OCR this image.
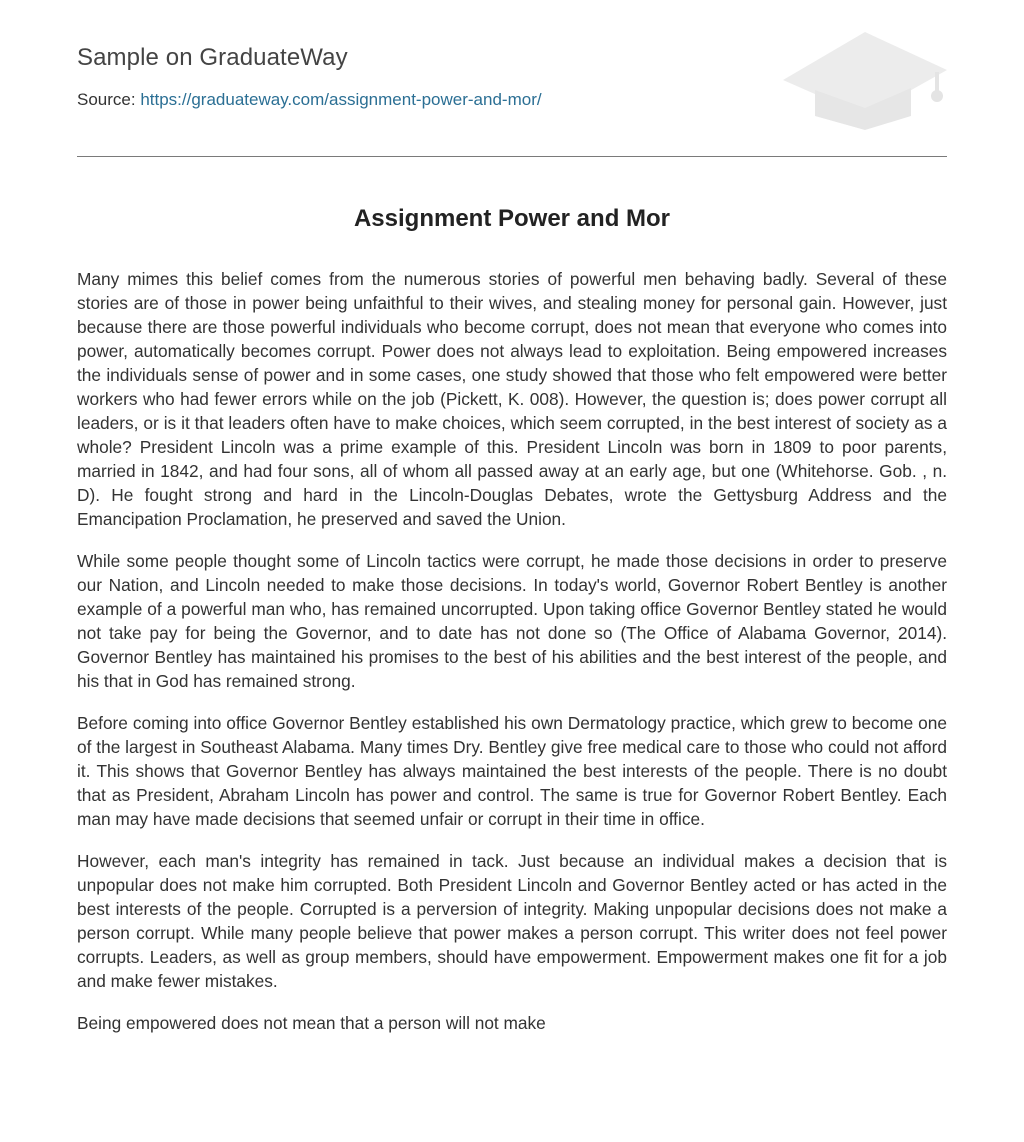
Sample on GraduateWay
Source: https://graduateway.com/assignment-power-and-mor/
Assignment Power and Mor

Many mimes this belief comes from the numerous stories of powerful men behaving badly. Several of these stories are of those in power being unfaithful to their wives, and stealing money for personal gain. However, just because there are those powerful individuals who become corrupt, does not mean that everyone who comes into power, automatically becomes corrupt. Power does not always lead to exploitation. Being empowered increases the individuals sense of power and in some cases, one study showed that those who felt empowered were better workers who had fewer errors while on the job (Pickett, K. 008). However, the question is; does power corrupt all leaders, or is it that leaders often have to make choices, which seem corrupted, in the best interest of society as a whole? President Lincoln was a prime example of this. President Lincoln was born in 1809 to poor parents, married in 1842, and had four sons, all of whom all passed away at an early age, but one (Whitehorse. Gob. , n. D). He fought strong and hard in the Lincoln-Douglas Debates, wrote the Gettysburg Address and the Emancipation Proclamation, he preserved and saved the Union.

While some people thought some of Lincoln tactics were corrupt, he made those decisions in order to preserve our Nation, and Lincoln needed to make those decisions. In today's world, Governor Robert Bentley is another example of a powerful man who, has remained uncorrupted. Upon taking office Governor Bentley stated he would not take pay for being the Governor, and to date has not done so (The Office of Alabama Governor, 2014). Governor Bentley has maintained his promises to the best of his abilities and the best interest of the people, and his that in God has remained strong.

Before coming into office Governor Bentley established his own Dermatology practice, which grew to become one of the largest in Southeast Alabama. Many times Dry. Bentley give free medical care to those who could not afford it. This shows that Governor Bentley has always maintained the best interests of the people. There is no doubt that as President, Abraham Lincoln has power and control. The same is true for Governor Robert Bentley. Each man may have made decisions that seemed unfair or corrupt in their time in office.

However, each man's integrity has remained in tack. Just because an individual makes a decision that is unpopular does not make him corrupted. Both President Lincoln and Governor Bentley acted or has acted in the best interests of the people. Corrupted is a perversion of integrity. Making unpopular decisions does not make a person corrupt. While many people believe that power makes a person corrupt. This writer does not feel power corrupts. Leaders, as well as group members, should have empowerment. Empowerment makes one fit for a job and make fewer mistakes.

Being empowered does not mean that a person will not make
